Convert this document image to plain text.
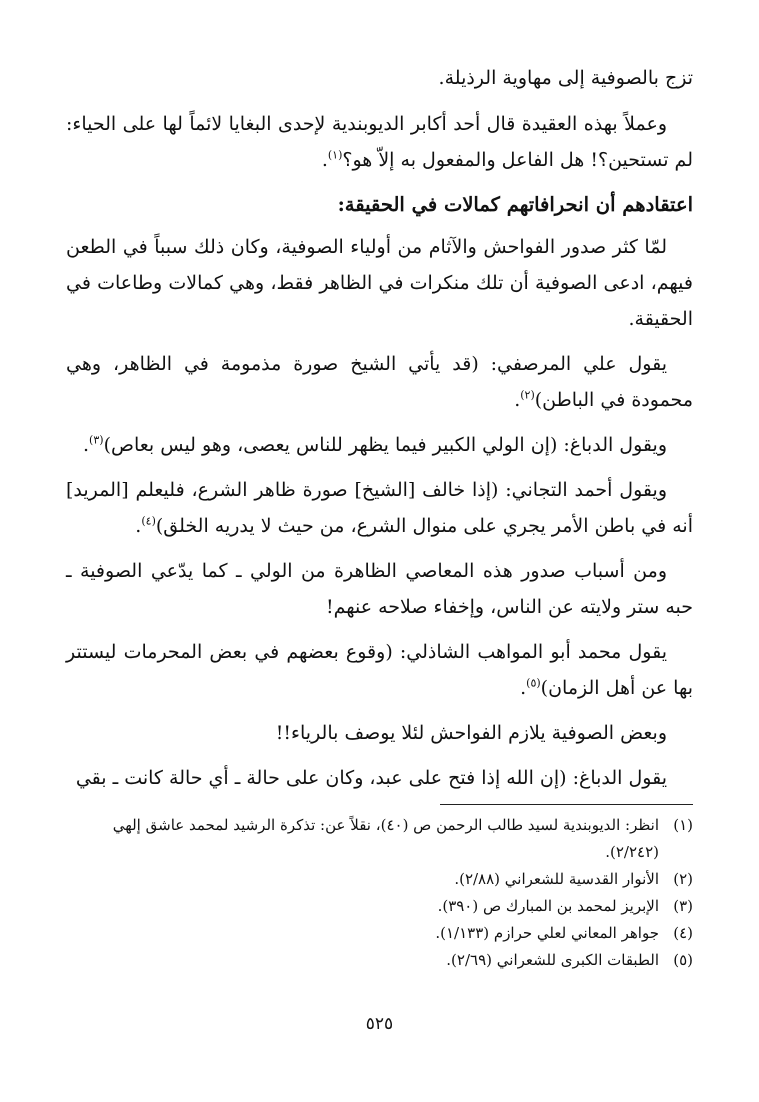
تزج بالصوفية إلى مهاوية الرذيلة.

وعملاً بهذه العقيدة قال أحد أكابر الديوبندية لإحدى البغايا لائماً لها على الحياء: لم تستحين؟! هل الفاعل والمفعول به إلاّ هو؟$^{(١)}$.

اعتقادهم أن انحرافاتهم كمالات في الحقيقة:

لمّا كثر صدور الفواحش والآثام من أولياء الصوفية، وكان ذلك سبباً في الطعن فيهم، ادعى الصوفية أن تلك منكرات في الظاهر فقط، وهي كمالات وطاعات في الحقيقة.

يقول علي المرصفي: (قد يأتي الشيخ صورة مذمومة في الظاهر، وهي محمودة في الباطن)$^{(٢)}$.

ويقول الدباغ: (إن الولي الكبير فيما يظهر للناس يعصى، وهو ليس بعاص)$^{(٣)}$.

ويقول أحمد التجاني: (إذا خالف [الشيخ] صورة ظاهر الشرع، فليعلم [المريد] أنه في باطن الأمر يجري على منوال الشرع، من حيث لا يدريه الخلق)$^{(٤)}$.

ومن أسباب صدور هذه المعاصي الظاهرة من الولي ـ كما يدّعي الصوفية ـ حبه ستر ولايته عن الناس، وإخفاء صلاحه عنهم!

يقول محمد أبو المواهب الشاذلي: (وقوع بعضهم في بعض المحرمات ليستتر بها عن أهل الزمان)$^{(٥)}$.

وبعض الصوفية يلازم الفواحش لئلا يوصف بالرياء!!

يقول الدباغ: (إن الله إذا فتح على عبد، وكان على حالة ـ أي حالة كانت ـ بقي

(١)
انظر: الديوبندية لسيد طالب الرحمن ص (٤٠)، نقلاً عن: تذكرة الرشيد لمحمد عاشق إلهي (٢/٢٤٢).
(٢)
الأنوار القدسية للشعراني (٢/٨٨).
(٣)
الإبريز لمحمد بن المبارك ص (٣٩٠).
(٤)
جواهر المعاني لعلي حرازم (١/١٣٣).
(٥)
الطبقات الكبرى للشعراني (٢/٦٩).
٥٢٥
